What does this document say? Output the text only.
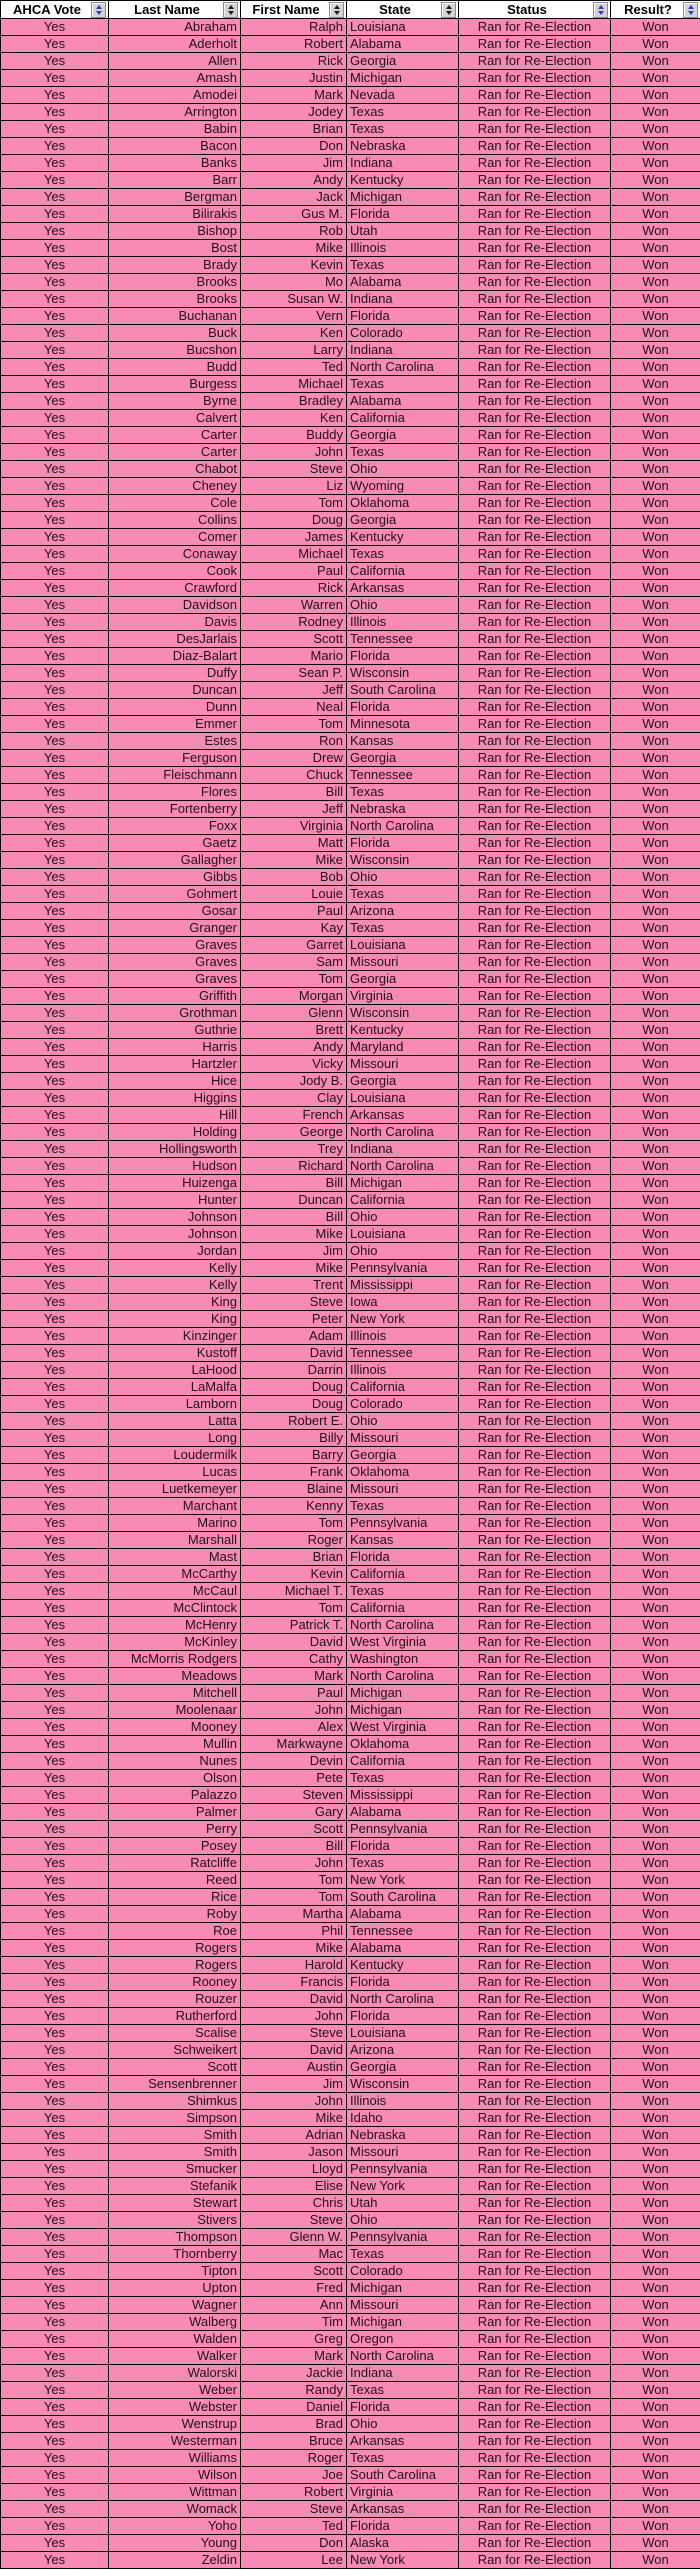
AHCA Vote	Last Name	First Name	State	Status	Result?

Yes	Abraham	Ralph	Louisiana	Ran for Re-Election	Won
Yes	Aderholt	Robert	Alabama	Ran for Re-Election	Won
Yes	Allen	Rick	Georgia	Ran for Re-Election	Won
Yes	Amash	Justin	Michigan	Ran for Re-Election	Won
Yes	Amodei	Mark	Nevada	Ran for Re-Election	Won
Yes	Arrington	Jodey	Texas	Ran for Re-Election	Won
Yes	Babin	Brian	Texas	Ran for Re-Election	Won
Yes	Bacon	Don	Nebraska	Ran for Re-Election	Won
Yes	Banks	Jim	Indiana	Ran for Re-Election	Won
Yes	Barr	Andy	Kentucky	Ran for Re-Election	Won
Yes	Bergman	Jack	Michigan	Ran for Re-Election	Won
Yes	Bilirakis	Gus M.	Florida	Ran for Re-Election	Won
Yes	Bishop	Rob	Utah	Ran for Re-Election	Won
Yes	Bost	Mike	Illinois	Ran for Re-Election	Won
Yes	Brady	Kevin	Texas	Ran for Re-Election	Won
Yes	Brooks	Mo	Alabama	Ran for Re-Election	Won
Yes	Brooks	Susan W.	Indiana	Ran for Re-Election	Won
Yes	Buchanan	Vern	Florida	Ran for Re-Election	Won
Yes	Buck	Ken	Colorado	Ran for Re-Election	Won
Yes	Bucshon	Larry	Indiana	Ran for Re-Election	Won
Yes	Budd	Ted	North Carolina	Ran for Re-Election	Won
Yes	Burgess	Michael	Texas	Ran for Re-Election	Won
Yes	Byrne	Bradley	Alabama	Ran for Re-Election	Won
Yes	Calvert	Ken	California	Ran for Re-Election	Won
Yes	Carter	Buddy	Georgia	Ran for Re-Election	Won
Yes	Carter	John	Texas	Ran for Re-Election	Won
Yes	Chabot	Steve	Ohio	Ran for Re-Election	Won
Yes	Cheney	Liz	Wyoming	Ran for Re-Election	Won
Yes	Cole	Tom	Oklahoma	Ran for Re-Election	Won
Yes	Collins	Doug	Georgia	Ran for Re-Election	Won
Yes	Comer	James	Kentucky	Ran for Re-Election	Won
Yes	Conaway	Michael	Texas	Ran for Re-Election	Won
Yes	Cook	Paul	California	Ran for Re-Election	Won
Yes	Crawford	Rick	Arkansas	Ran for Re-Election	Won
Yes	Davidson	Warren	Ohio	Ran for Re-Election	Won
Yes	Davis	Rodney	Illinois	Ran for Re-Election	Won
Yes	DesJarlais	Scott	Tennessee	Ran for Re-Election	Won
Yes	Diaz-Balart	Mario	Florida	Ran for Re-Election	Won
Yes	Duffy	Sean P.	Wisconsin	Ran for Re-Election	Won
Yes	Duncan	Jeff	South Carolina	Ran for Re-Election	Won
Yes	Dunn	Neal	Florida	Ran for Re-Election	Won
Yes	Emmer	Tom	Minnesota	Ran for Re-Election	Won
Yes	Estes	Ron	Kansas	Ran for Re-Election	Won
Yes	Ferguson	Drew	Georgia	Ran for Re-Election	Won
Yes	Fleischmann	Chuck	Tennessee	Ran for Re-Election	Won
Yes	Flores	Bill	Texas	Ran for Re-Election	Won
Yes	Fortenberry	Jeff	Nebraska	Ran for Re-Election	Won
Yes	Foxx	Virginia	North Carolina	Ran for Re-Election	Won
Yes	Gaetz	Matt	Florida	Ran for Re-Election	Won
Yes	Gallagher	Mike	Wisconsin	Ran for Re-Election	Won
Yes	Gibbs	Bob	Ohio	Ran for Re-Election	Won
Yes	Gohmert	Louie	Texas	Ran for Re-Election	Won
Yes	Gosar	Paul	Arizona	Ran for Re-Election	Won
Yes	Granger	Kay	Texas	Ran for Re-Election	Won
Yes	Graves	Garret	Louisiana	Ran for Re-Election	Won
Yes	Graves	Sam	Missouri	Ran for Re-Election	Won
Yes	Graves	Tom	Georgia	Ran for Re-Election	Won
Yes	Griffith	Morgan	Virginia	Ran for Re-Election	Won
Yes	Grothman	Glenn	Wisconsin	Ran for Re-Election	Won
Yes	Guthrie	Brett	Kentucky	Ran for Re-Election	Won
Yes	Harris	Andy	Maryland	Ran for Re-Election	Won
Yes	Hartzler	Vicky	Missouri	Ran for Re-Election	Won
Yes	Hice	Jody B.	Georgia	Ran for Re-Election	Won
Yes	Higgins	Clay	Louisiana	Ran for Re-Election	Won
Yes	Hill	French	Arkansas	Ran for Re-Election	Won
Yes	Holding	George	North Carolina	Ran for Re-Election	Won
Yes	Hollingsworth	Trey	Indiana	Ran for Re-Election	Won
Yes	Hudson	Richard	North Carolina	Ran for Re-Election	Won
Yes	Huizenga	Bill	Michigan	Ran for Re-Election	Won
Yes	Hunter	Duncan	California	Ran for Re-Election	Won
Yes	Johnson	Bill	Ohio	Ran for Re-Election	Won
Yes	Johnson	Mike	Louisiana	Ran for Re-Election	Won
Yes	Jordan	Jim	Ohio	Ran for Re-Election	Won
Yes	Kelly	Mike	Pennsylvania	Ran for Re-Election	Won
Yes	Kelly	Trent	Mississippi	Ran for Re-Election	Won
Yes	King	Steve	Iowa	Ran for Re-Election	Won
Yes	King	Peter	New York	Ran for Re-Election	Won
Yes	Kinzinger	Adam	Illinois	Ran for Re-Election	Won
Yes	Kustoff	David	Tennessee	Ran for Re-Election	Won
Yes	LaHood	Darrin	Illinois	Ran for Re-Election	Won
Yes	LaMalfa	Doug	California	Ran for Re-Election	Won
Yes	Lamborn	Doug	Colorado	Ran for Re-Election	Won
Yes	Latta	Robert E.	Ohio	Ran for Re-Election	Won
Yes	Long	Billy	Missouri	Ran for Re-Election	Won
Yes	Loudermilk	Barry	Georgia	Ran for Re-Election	Won
Yes	Lucas	Frank	Oklahoma	Ran for Re-Election	Won
Yes	Luetkemeyer	Blaine	Missouri	Ran for Re-Election	Won
Yes	Marchant	Kenny	Texas	Ran for Re-Election	Won
Yes	Marino	Tom	Pennsylvania	Ran for Re-Election	Won
Yes	Marshall	Roger	Kansas	Ran for Re-Election	Won
Yes	Mast	Brian	Florida	Ran for Re-Election	Won
Yes	McCarthy	Kevin	California	Ran for Re-Election	Won
Yes	McCaul	Michael T.	Texas	Ran for Re-Election	Won
Yes	McClintock	Tom	California	Ran for Re-Election	Won
Yes	McHenry	Patrick T.	North Carolina	Ran for Re-Election	Won
Yes	McKinley	David	West Virginia	Ran for Re-Election	Won
Yes	McMorris Rodgers	Cathy	Washington	Ran for Re-Election	Won
Yes	Meadows	Mark	North Carolina	Ran for Re-Election	Won
Yes	Mitchell	Paul	Michigan	Ran for Re-Election	Won
Yes	Moolenaar	John	Michigan	Ran for Re-Election	Won
Yes	Mooney	Alex	West Virginia	Ran for Re-Election	Won
Yes	Mullin	Markwayne	Oklahoma	Ran for Re-Election	Won
Yes	Nunes	Devin	California	Ran for Re-Election	Won
Yes	Olson	Pete	Texas	Ran for Re-Election	Won
Yes	Palazzo	Steven	Mississippi	Ran for Re-Election	Won
Yes	Palmer	Gary	Alabama	Ran for Re-Election	Won
Yes	Perry	Scott	Pennsylvania	Ran for Re-Election	Won
Yes	Posey	Bill	Florida	Ran for Re-Election	Won
Yes	Ratcliffe	John	Texas	Ran for Re-Election	Won
Yes	Reed	Tom	New York	Ran for Re-Election	Won
Yes	Rice	Tom	South Carolina	Ran for Re-Election	Won
Yes	Roby	Martha	Alabama	Ran for Re-Election	Won
Yes	Roe	Phil	Tennessee	Ran for Re-Election	Won
Yes	Rogers	Mike	Alabama	Ran for Re-Election	Won
Yes	Rogers	Harold	Kentucky	Ran for Re-Election	Won
Yes	Rooney	Francis	Florida	Ran for Re-Election	Won
Yes	Rouzer	David	North Carolina	Ran for Re-Election	Won
Yes	Rutherford	John	Florida	Ran for Re-Election	Won
Yes	Scalise	Steve	Louisiana	Ran for Re-Election	Won
Yes	Schweikert	David	Arizona	Ran for Re-Election	Won
Yes	Scott	Austin	Georgia	Ran for Re-Election	Won
Yes	Sensenbrenner	Jim	Wisconsin	Ran for Re-Election	Won
Yes	Shimkus	John	Illinois	Ran for Re-Election	Won
Yes	Simpson	Mike	Idaho	Ran for Re-Election	Won
Yes	Smith	Adrian	Nebraska	Ran for Re-Election	Won
Yes	Smith	Jason	Missouri	Ran for Re-Election	Won
Yes	Smucker	Lloyd	Pennsylvania	Ran for Re-Election	Won
Yes	Stefanik	Elise	New York	Ran for Re-Election	Won
Yes	Stewart	Chris	Utah	Ran for Re-Election	Won
Yes	Stivers	Steve	Ohio	Ran for Re-Election	Won
Yes	Thompson	Glenn W.	Pennsylvania	Ran for Re-Election	Won
Yes	Thornberry	Mac	Texas	Ran for Re-Election	Won
Yes	Tipton	Scott	Colorado	Ran for Re-Election	Won
Yes	Upton	Fred	Michigan	Ran for Re-Election	Won
Yes	Wagner	Ann	Missouri	Ran for Re-Election	Won
Yes	Walberg	Tim	Michigan	Ran for Re-Election	Won
Yes	Walden	Greg	Oregon	Ran for Re-Election	Won
Yes	Walker	Mark	North Carolina	Ran for Re-Election	Won
Yes	Walorski	Jackie	Indiana	Ran for Re-Election	Won
Yes	Weber	Randy	Texas	Ran for Re-Election	Won
Yes	Webster	Daniel	Florida	Ran for Re-Election	Won
Yes	Wenstrup	Brad	Ohio	Ran for Re-Election	Won
Yes	Westerman	Bruce	Arkansas	Ran for Re-Election	Won
Yes	Williams	Roger	Texas	Ran for Re-Election	Won
Yes	Wilson	Joe	South Carolina	Ran for Re-Election	Won
Yes	Wittman	Robert	Virginia	Ran for Re-Election	Won
Yes	Womack	Steve	Arkansas	Ran for Re-Election	Won
Yes	Yoho	Ted	Florida	Ran for Re-Election	Won
Yes	Young	Don	Alaska	Ran for Re-Election	Won
Yes	Zeldin	Lee	New York	Ran for Re-Election	Won
